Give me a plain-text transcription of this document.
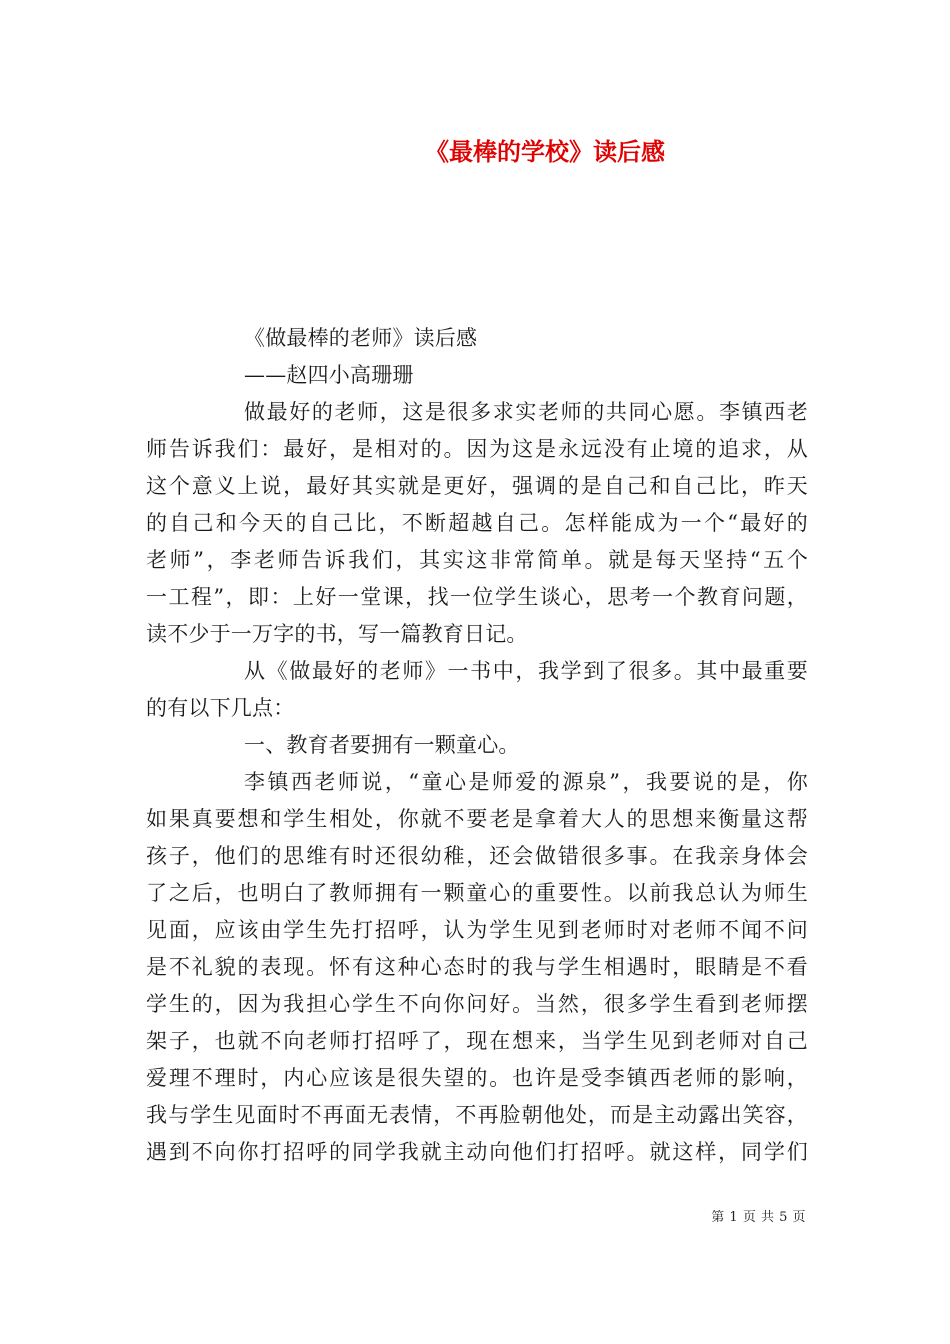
《最棒的学校》读后感
《做最棒的老师》读后感
——赵四小高珊珊
做最好的老师，这是很多求实老师的共同心愿。李镇西老
师告诉我们：最好，是相对的。因为这是永远没有止境的追求，从
这个意义上说，最好其实就是更好，强调的是自己和自己比，昨天
的自己和今天的自己比，不断超越自己。怎样能成为一个“最好的
老师”，李老师告诉我们，其实这非常简单。就是每天坚持“五个
一工程”，即：上好一堂课，找一位学生谈心，思考一个教育问题，
读不少于一万字的书，写一篇教育日记。
从《做最好的老师》一书中，我学到了很多。其中最重要
的有以下几点：
一、教育者要拥有一颗童心。
李镇西老师说，“童心是师爱的源泉”，我要说的是，你
如果真要想和学生相处，你就不要老是拿着大人的思想来衡量这帮
孩子，他们的思维有时还很幼稚，还会做错很多事。在我亲身体会
了之后，也明白了教师拥有一颗童心的重要性。以前我总认为师生
见面，应该由学生先打招呼，认为学生见到老师时对老师不闻不问
是不礼貌的表现。怀有这种心态时的我与学生相遇时，眼睛是不看
学生的，因为我担心学生不向你问好。当然，很多学生看到老师摆
架子，也就不向老师打招呼了，现在想来，当学生见到老师对自己
爱理不理时，内心应该是很失望的。也许是受李镇西老师的影响，
我与学生见面时不再面无表情，不再脸朝他处，而是主动露出笑容，
遇到不向你打招呼的同学我就主动向他们打招呼。就这样，同学们
第 1 页 共 5 页
